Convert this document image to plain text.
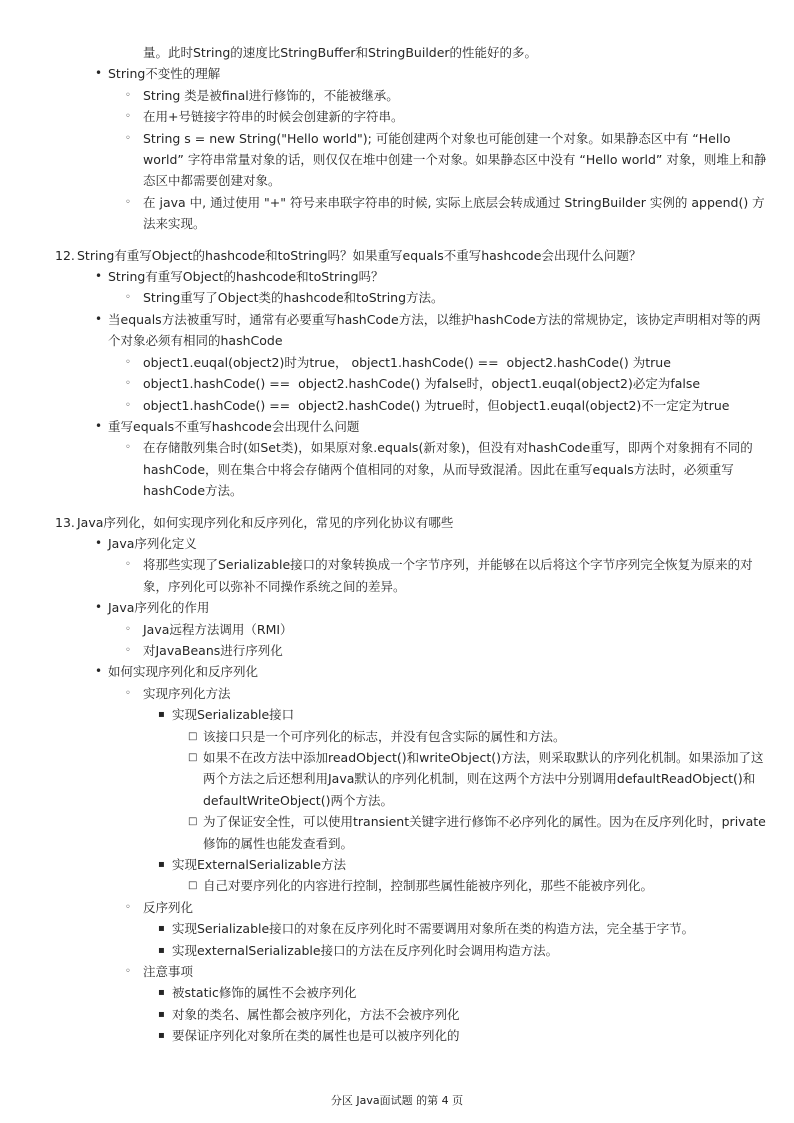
量。此时String的速度比StringBuffer和StringBuilder的性能好的多。
• String不变性的理解
◦ String 类是被final进行修饰的，不能被继承。
◦ 在用+号链接字符串的时候会创建新的字符串。
◦ String s = new String("Hello world"); 可能创建两个对象也可能创建一个对象。如果静态区中有 “Hello world” 字符串常量对象的话，则仅仅在堆中创建一个对象。如果静态区中没有 “Hello world” 对象，则堆上和静态区中都需要创建对象。
◦ 在 java 中, 通过使用 "+" 符号来串联字符串的时候, 实际上底层会转成通过 StringBuilder 实例的 append() 方法来实现。
12. String有重写Object的hashcode和toString吗？如果重写equals不重写hashcode会出现什么问题？
• String有重写Object的hashcode和toString吗？
◦ String重写了Object类的hashcode和toString方法。
• 当equals方法被重写时，通常有必要重写hashCode方法，以维护hashCode方法的常规协定，该协定声明相对等的两个对象必须有相同的hashCode
◦ object1.euqal(object2)时为true， object1.hashCode() ==  object2.hashCode() 为true
◦ object1.hashCode() ==  object2.hashCode() 为false时，object1.euqal(object2)必定为false
◦ object1.hashCode() ==  object2.hashCode() 为true时，但object1.euqal(object2)不一定定为true
• 重写equals不重写hashcode会出现什么问题
◦ 在存储散列集合时(如Set类)，如果原对象.equals(新对象)，但没有对hashCode重写，即两个对象拥有不同的hashCode，则在集合中将会存储两个值相同的对象，从而导致混淆。因此在重写equals方法时，必须重写hashCode方法。
13. Java序列化，如何实现序列化和反序列化，常见的序列化协议有哪些
• Java序列化定义
◦ 将那些实现了Serializable接口的对象转换成一个字节序列，并能够在以后将这个字节序列完全恢复为原来的对象，序列化可以弥补不同操作系统之间的差异。
• Java序列化的作用
◦ Java远程方法调用（RMI）
◦ 对JavaBeans进行序列化
• 如何实现序列化和反序列化
◦ 实现序列化方法
▪ 实现Serializable接口
□ 该接口只是一个可序列化的标志，并没有包含实际的属性和方法。
□ 如果不在改方法中添加readObject()和writeObject()方法，则采取默认的序列化机制。如果添加了这两个方法之后还想利用Java默认的序列化机制，则在这两个方法中分别调用defaultReadObject()和defaultWriteObject()两个方法。
□ 为了保证安全性，可以使用transient关键字进行修饰不必序列化的属性。因为在反序列化时，private修饰的属性也能发查看到。
▪ 实现ExternalSerializable方法
□ 自己对要序列化的内容进行控制，控制那些属性能被序列化，那些不能被序列化。
◦ 反序列化
▪ 实现Serializable接口的对象在反序列化时不需要调用对象所在类的构造方法，完全基于字节。
▪ 实现externalSerializable接口的方法在反序列化时会调用构造方法。
◦ 注意事项
▪ 被static修饰的属性不会被序列化
▪ 对象的类名、属性都会被序列化，方法不会被序列化
▪ 要保证序列化对象所在类的属性也是可以被序列化的
分区 Java面试题 的第 4 页
